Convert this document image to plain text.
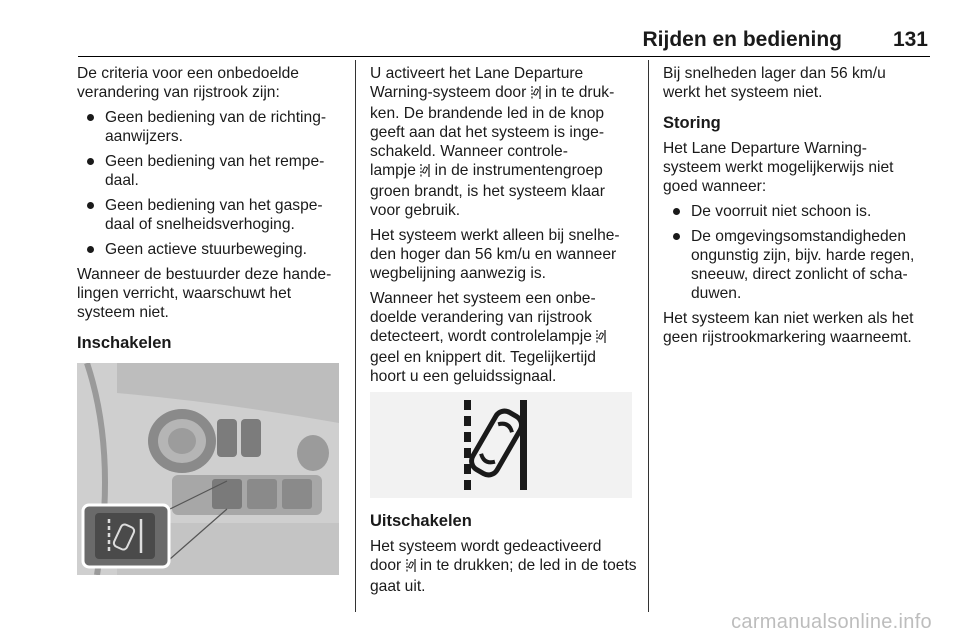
Rijden en bediening 131

De criteria voor een onbedoelde
verandering van rijstrook zijn:

Geen bediening van de richting-
aanwijzers.
Geen bediening van het rempe-
daal.
Geen bediening van het gaspe-
daal of snelheidsverhoging.
Geen actieve stuurbeweging.

Wanneer de bestuurder deze hande-
lingen verricht, waarschuwt het
systeem niet.

Inschakelen

U activeert het Lane Departure
Warning-systeem door  in te druk-
ken. De brandende led in de knop
geeft aan dat het systeem is inge-
schakeld. Wanneer controle-
lampje  in de instrumentengroep
groen brandt, is het systeem klaar
voor gebruik.

Het systeem werkt alleen bij snelhe-
den hoger dan 56 km/u en wanneer
wegbelijning aanwezig is.

Wanneer het systeem een onbe-
doelde verandering van rijstrook
detecteert, wordt controlelampje
geel en knippert dit. Tegelijkertijd
hoort u een geluidssignaal.

Uitschakelen

Het systeem wordt gedeactiveerd
door  in te drukken; de led in de toets
gaat uit.

Bij snelheden lager dan 56 km/u
werkt het systeem niet.

Storing

Het Lane Departure Warning-
systeem werkt mogelijkerwijs niet
goed wanneer:

De voorruit niet schoon is.
De omgevingsomstandigheden
ongunstig zijn, bijv. harde regen,
sneeuw, direct zonlicht of scha-
duwen.

Het systeem kan niet werken als het
geen rijstrookmarkering waarneemt.

carmanualsonline.info
